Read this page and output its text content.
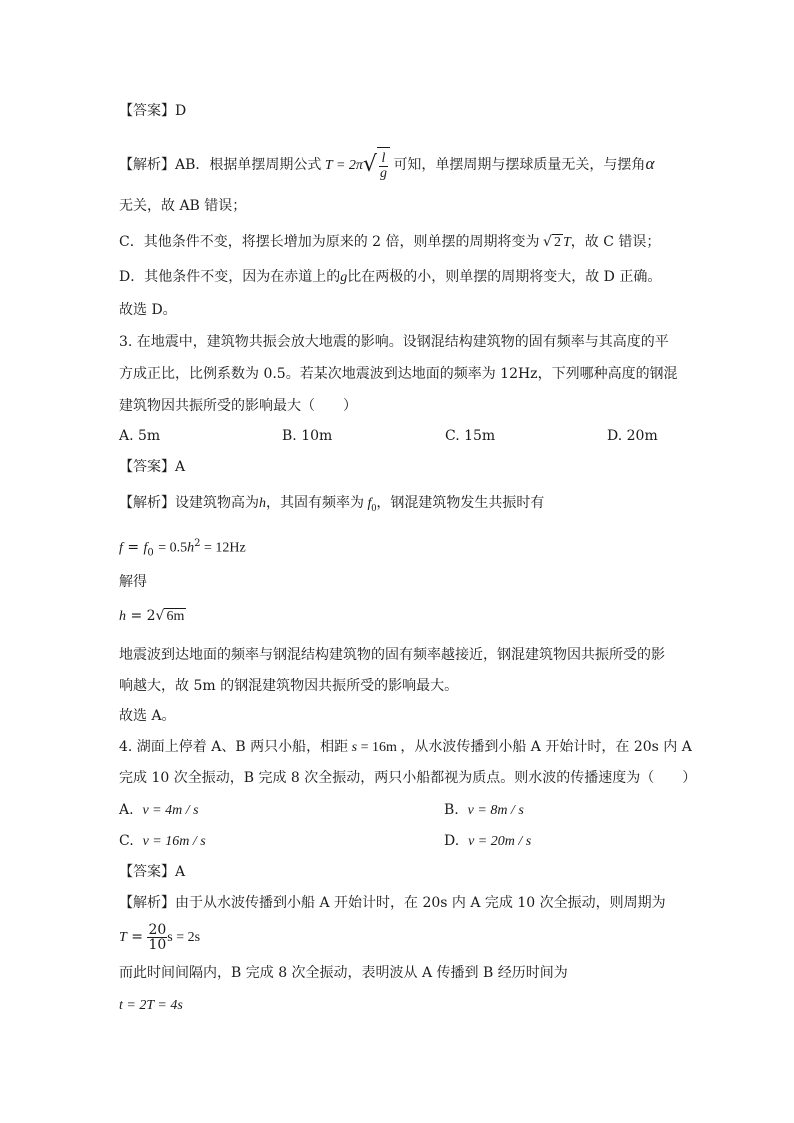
【答案】D
【解析】AB．根据单摆周期公式 T = 2π √ $\frac{l}{g}$ 可知，单摆周期与摆球质量无关，与摆角α
无关，故 AB 错误；
C．其他条件不变，将摆长增加为原来的 2 倍，则单摆的周期将变为 √ 2 T，故 C 错误；
D．其他条件不变，因为在赤道上的g比在两极的小，则单摆的周期将变大，故 D 正确。
故选 D。
3. 在地震中，建筑物共振会放大地震的影响。设钢混结构建筑物的固有频率与其高度的平
方成正比，比例系数为 0.5。若某次地震波到达地面的频率为 12Hz，下列哪种高度的钢混
建筑物因共振所受的影响最大（　　）
A. 5m	B. 10m	C. 15m	D. 20m
【答案】A
【解析】设建筑物高为h，其固有频率为 $f_0$，钢混建筑物发生共振时有
$f = f_0 = 0.5h^2 = 12Hz$
解得
h = 2√ 6m
地震波到达地面的频率与钢混结构建筑物的固有频率越接近，钢混建筑物因共振所受的影
响越大，故 5m 的钢混建筑物因共振所受的影响最大。
故选 A。
4. 湖面上停着 A、B 两只小船，相距 s = 16m ，从水波传播到小船 A 开始计时，在 20s 内 A
完成 10 次全振动，B 完成 8 次全振动，两只小船都视为质点。则水波的传播速度为（　　）
A. v = 4m / s	B. v = 8m / s
C. v = 16m / s	D. v = 20m / s
【答案】A
【解析】由于从水波传播到小船 A 开始计时，在 20s 内 A 完成 10 次全振动，则周期为
$T = \frac{20}{10}$ s = 2s
而此时间间隔内，B 完成 8 次全振动，表明波从 A 传播到 B 经历时间为
t = 2T = 4s
